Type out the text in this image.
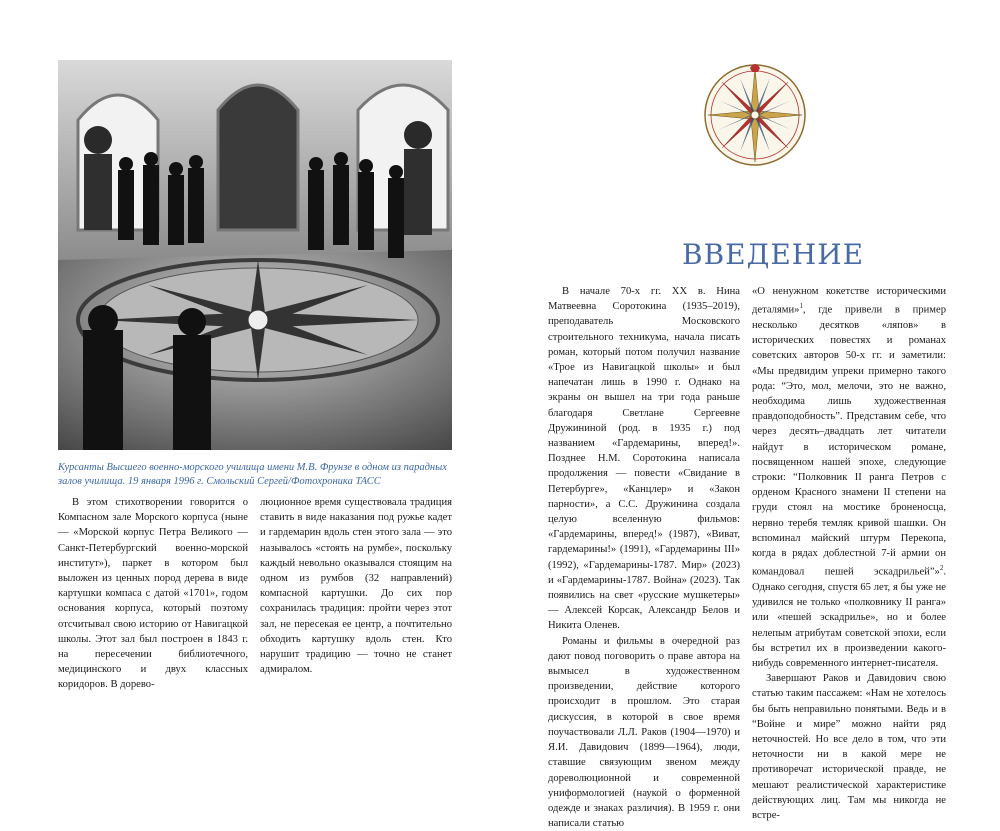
Курсанты Высшего военно-морского училища имени М.В. Фрунзе в одном из парадных залов училища. 19 января 1996 г. Смольский Сергей/Фотохроника ТАСС

В этом стихотворении говорится о Компасном зале Морского корпуса (ныне — «Морской корпус Петра Великого — Санкт-Петербургский военно-морской институт»), паркет в котором был выложен из ценных пород дерева в виде картушки компаса с датой «1701», годом основания корпуса, который поэтому отсчитывал свою историю от Навигацкой школы. Этот зал был построен в 1843 г. на пересечении библиотечного, медицинского и двух классных коридоров. В дорево-

люционное время существовала традиция ставить в виде наказания под ружье кадет и гардемарин вдоль стен этого зала — это называлось «стоять на румбе», поскольку каждый невольно оказывался стоящим на одном из румбов (32 направлений) компасной картушки. До сих пор сохранилась традиция: пройти через этот зал, не пересекая ее центр, а почтительно обходить картушку вдоль стен. Кто нарушит традицию — точно не станет адмиралом.

ВВЕДЕНИЕ

В начале 70-х гг. XX в. Нина Матвеевна Соротокина (1935–2019), преподаватель Московского строительного техникума, начала писать роман, который потом получил название «Трое из Навигацкой школы» и был напечатан лишь в 1990 г. Однако на экраны он вышел на три года раньше благодаря Светлане Сергеевне Дружининой (род. в 1935 г.) под названием «Гардемарины, вперед!». Позднее Н.М. Соротокина написала продолжения — повести «Свидание в Петербурге», «Канцлер» и «Закон парности», а С.С. Дружинина создала целую вселенную фильмов: «Гардемарины, вперед!» (1987), «Виват, гардемарины!» (1991), «Гардемарины III» (1992), «Гардемарины-1787. Мир» (2023) и «Гардемарины-1787. Война» (2023). Так появились на свет «русские мушкетеры» — Алексей Корсак, Александр Белов и Никита Оленев.

Романы и фильмы в очередной раз дают повод поговорить о праве автора на вымысел в художественном произведении, действие которого происходит в прошлом. Это старая дискуссия, в которой в свое время поучаствовали Л.Л. Раков (1904—1970) и Я.И. Давидович (1899—1964), люди, ставшие связующим звеном между дореволюционной и современной униформологией (наукой о форменной одежде и знаках различия). В 1959 г. они написали статью

«О ненужном кокетстве историческими деталями»$^1$, где привели в пример несколько десятков «ляпов» в исторических повестях и романах советских авторов 50-х гг. и заметили: «Мы предвидим упреки примерно такого рода: “Это, мол, мелочи, это не важно, необходима лишь художественная правдоподобность”. Представим себе, что через десять–двадцать лет читатели найдут в историческом романе, посвященном нашей эпохе, следующие строки: “Полковник II ранга Петров с орденом Красного знамени II степени на груди стоял на мостике броненосца, нервно теребя темляк кривой шашки. Он вспоминал майский штурм Перекопа, когда в рядах доблестной 7-й армии он командовал пешей эскадрильей”»$^2$. Однако сегодня, спустя 65 лет, я бы уже не удивился не только «полковнику II ранга» или «пешей эскадрилье», но и более нелепым атрибутам советской эпохи, если бы встретил их в произведении какого-нибудь современного интернет-писателя.

Завершают Раков и Давидович свою статью таким пассажем: «Нам не хотелось бы быть неправильно понятыми. Ведь и в “Войне и мире” можно найти ряд неточностей. Но все дело в том, что эти неточности ни в какой мере не противоречат исторической правде, не мешают реалистической характеристике действующих лиц. Там мы никогда не встре-
